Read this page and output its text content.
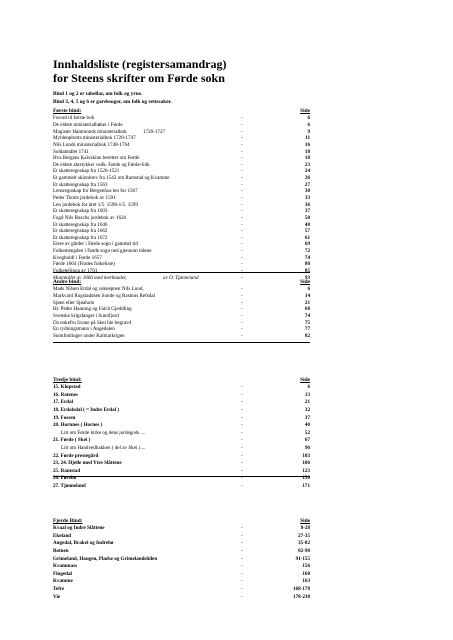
Innhaldsliste (registersamandrag)
for Steens skrifter om Førde sokn
Bind 1 og 2 er tabellar, om folk og yrne.
Bind 3, 4, 5 og 6 er gardssoger, om folk og rettssaker.
Første bind:	Side
Forord til første bok	-	6
De eldste ministerialbøker i Førde	-	6
Magister Hammonds ministerialbok	1720-1727	-	9
Myhlenphorts ministerialbok 1728-1747	-	11
Nils Lunds ministerialbok 1748-1764	-	16
Soldatmålet 1741	-	18
Hva Bergens Kalvskinn beretter om Førde	-	18
De eldste aktstykker vedk. Førde og Førde-folk	-	23
Et skatteregnskap fra 1520-1521	-	24
Et gammelt skinnbrev fra 1542 om Ramstad og Kvamme	-	26
Et skatteregnskap fra 1563	-	27
Lensregnskap for Bergenhus len for 1567	-	30
Peder Thotts jordebok av 1591	-	33
Len jordebok for året 1/5. 1598-1/5. 1599	-	36
Et skatteregnskap fra 1603	-	37
Fogd Nils Buschs jordebok av 1626	-	50
Et skatteregnskap fra 1646	-	48
Et skatteregnskap fra 1662	-	57
Et skatteregnskap fra 1672	-	61
Eiere av gårder i Førde sogn i gammel tid	-	69
Folkemengden i Førde sogn ned gjennom tidene	-	72
Kvegholdl i Førde 1657	-	74
Førde 1664 (Fmdes folkeliste)	-	80
Folketeljinga av 1701	-	85
Manntallet av 1666 med merknader,	av O. Tjønneland	-	93
Andre bind:	Side
Mads Nilsen Erdal og sokneprest Nils Lund,	-	6
Markvard Rogstaddsen Sunde og Rasmus Refsdal	-	14
Sjøen eller Sjøaholo	-	21
Hr. Peder Hanning og Falch Gjeddling	-	68
Svenske krigsfanger i Sunnfjord	-	74
Da enkefru Svane på Skei ble begravd	-	75
En rydningsmann i Angedalen	-	77
Sunnfonlinger under Kalmarkrigen	-	82
Tredje bind:	Side
15. Klopstad	-	6
16. Rotenes	-	13
17. Erdal	-	21
18. Erdalsdal ( = Indre Erdal )	-	32
19. Fossen	-	37
20. Hornnes ( Hornes )	-	40
Litt om Førde kirke og dens jordegods ....	-	52
21. Førde ( Skei )	-	67
Litt om Handvedhakken ( del av Skei )....	-	96
22. Førde prestegård	-	103
23, 24. Hjelle med Ytre Slåttene	-	106
25. Ramstad	-	123
26. Førebø	-	150
27. Tjønneland	-	171
Fjerde Bind:	Side
Kvaal og Indre Slåttene	-	8-28
Ekeland	-	27-35
Angedal, Brakei og Indrebø	-	35-82
Botnen	-	82-90
Grimeland, Haugen, Pladse og Grimelandshilen	-	91-155
Kvammass	-	156
Flugedal	-	160
Kvamme	-	163
Tefre	-	168-178
Vie	-	178-230
